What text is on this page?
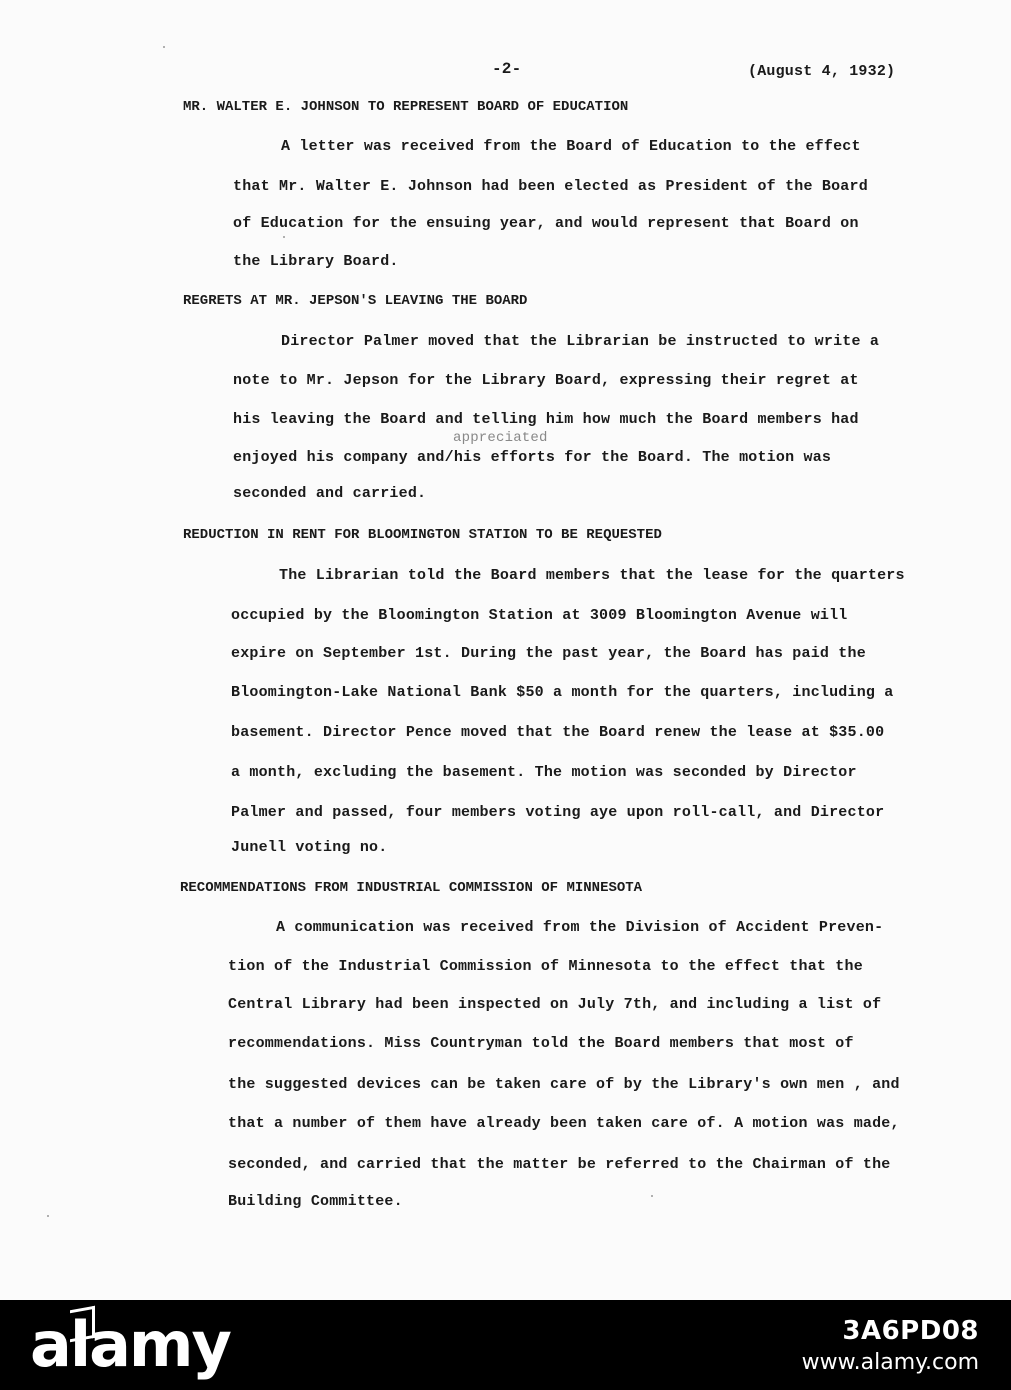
-2-	(August 4, 1932)
MR. WALTER E. JOHNSON TO REPRESENT BOARD OF EDUCATION
A letter was received from the Board of Education to the effect
that Mr. Walter E. Johnson had been elected as President of the Board
of Education for the ensuing year, and would represent that Board on
the Library Board.
REGRETS AT MR. JEPSON'S LEAVING THE BOARD
Director Palmer moved that the Librarian be instructed to write a
note to Mr. Jepson for the Library Board, expressing their regret at
his leaving the Board and telling him how much the Board members had
appreciated
enjoyed his company and/his efforts for the Board. The motion was
seconded and carried.
REDUCTION IN RENT FOR BLOOMINGTON STATION TO BE REQUESTED
The Librarian told the Board members that the lease for the quarters
occupied by the Bloomington Station at 3009 Bloomington Avenue will
expire on September 1st. During the past year, the Board has paid the
Bloomington-Lake National Bank $50 a month for the quarters, including a
basement. Director Pence moved that the Board renew the lease at $35.00
a month, excluding the basement. The motion was seconded by Director
Palmer and passed, four members voting aye upon roll-call, and Director
Junell voting no.
RECOMMENDATIONS FROM INDUSTRIAL COMMISSION OF MINNESOTA
A communication was received from the Division of Accident Preven-
tion of the Industrial Commission of Minnesota to the effect that the
Central Library had been inspected on July 7th, and including a list of
recommendations. Miss Countryman told the Board members that most of
the suggested devices can be taken care of by the Library's own men , and
that a number of them have already been taken care of. A motion was made,
seconded, and carried that the matter be referred to the Chairman of the
Building Committee.
alamy	3A6PD08
www.alamy.com
